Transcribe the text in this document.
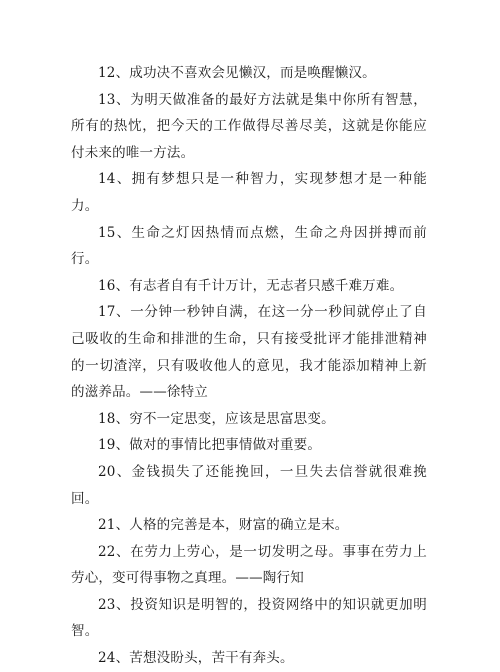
12、成功决不喜欢会见懒汉，而是唤醒懒汉。

13、为明天做准备的最好方法就是集中你所有智慧，所有的热忱，把今天的工作做得尽善尽美，这就是你能应付未来的唯一方法。

14、拥有梦想只是一种智力，实现梦想才是一种能力。

15、生命之灯因热情而点燃，生命之舟因拼搏而前行。

16、有志者自有千计万计，无志者只感千难万难。

17、一分钟一秒钟自满，在这一分一秒间就停止了自己吸收的生命和排泄的生命，只有接受批评才能排泄精神的一切渣滓，只有吸收他人的意见，我才能添加精神上新的滋养品。——徐特立

18、穷不一定思变，应该是思富思变。

19、做对的事情比把事情做对重要。

20、金钱损失了还能挽回，一旦失去信誉就很难挽回。

21、人格的完善是本，财富的确立是末。

22、在劳力上劳心，是一切发明之母。事事在劳力上劳心，变可得事物之真理。——陶行知

23、投资知识是明智的，投资网络中的知识就更加明智。

24、苦想没盼头，苦干有奔头。
